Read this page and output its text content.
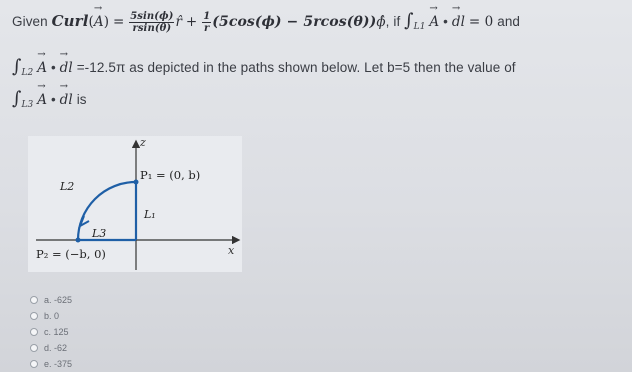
Given Curl(→ $A) = \frac{5\sin(\phi)}{rsin(\theta)}$ r̂ + $\frac{1}{r} (5\cos(\phi)$ − 5rcos(θ))ϕ̂, if $\int_{L1} \to A$ • → dl = 0 and
$\int_{L2} \to A$ • → dl =-12.5π as depicted in the paths shown below. Let b=5 then the value of
$\int_{L3} \to A$ • → dl is
z
x
P₁ = (0, b)
L₁
L2
L3
P₂ = (−b, 0)
a. -625
b. 0
c. 125
d. -62
e. -375
